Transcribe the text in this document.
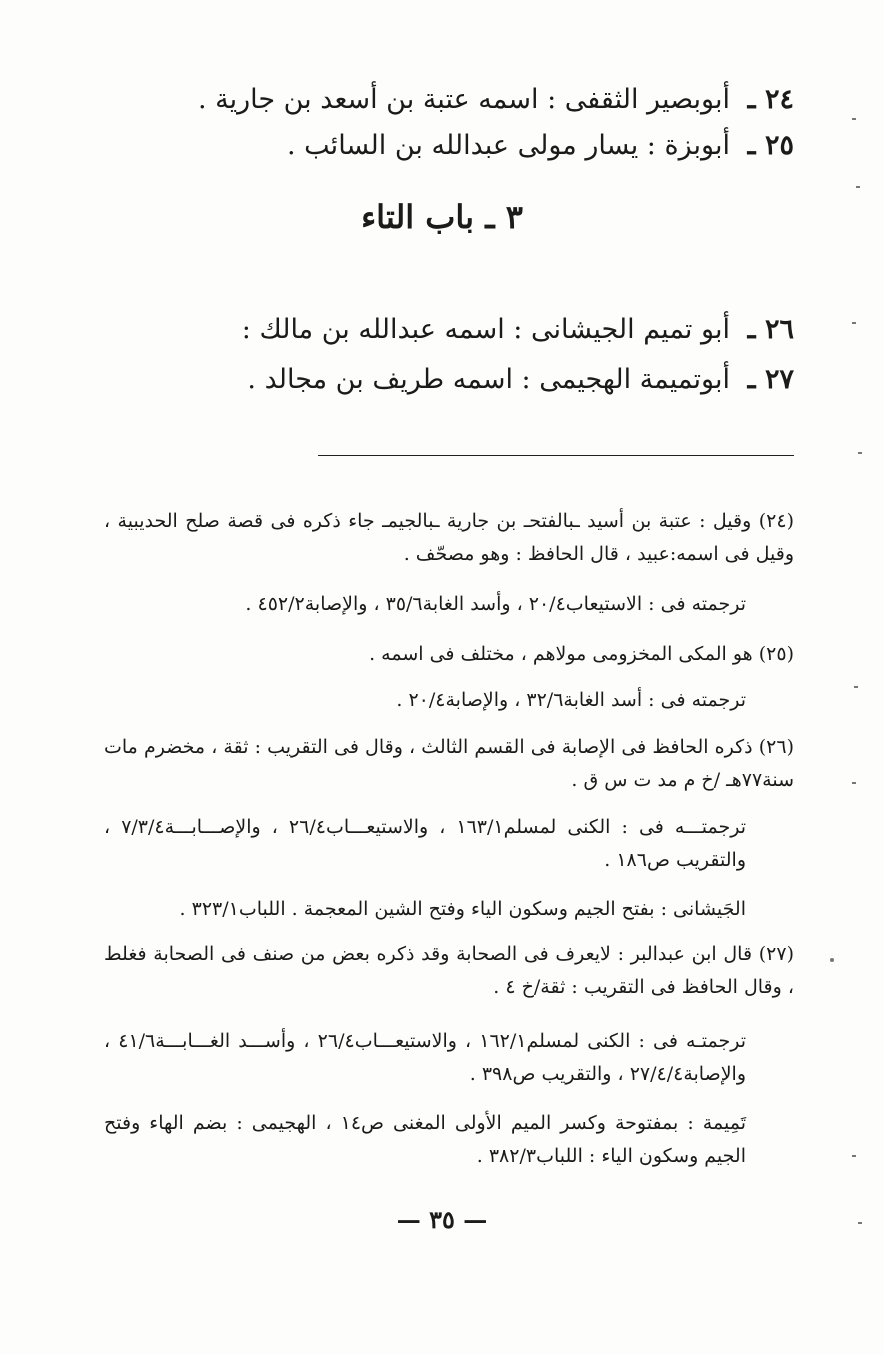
٢٤ ـأبوبصير الثقفى : اسمه عتبة بن أسعد بن جارية .
٢٥ ـأبوبزة : يسار مولى عبدالله بن السائب .
٣ ـ باب التاء
٢٦ ـأبو تميم الجيشانى : اسمه عبدالله بن مالك :
٢٧ ـأبوتميمة الهجيمى : اسمه طريف بن مجالد .
(٢٤) وقيل : عتبة بن أسيد ـبالفتحـ بن جارية ـبالجيمـ جاء ذكره فى قصة صلح الحديبية ، وقيل فى اسمه:عبيد ، قال الحافظ : وهو مصحّف .
ترجمته فى : الاستيعاب٢٠/٤ ، وأسد الغابة٣٥/٦ ، والإصابة٤٥٢/٢ .
(٢٥) هو المكى المخزومى مولاهم ، مختلف فى اسمه .
ترجمته فى : أسد الغابة٣٢/٦ ، والإصابة٢٠/٤ .
(٢٦) ذكره الحافظ فى الإصابة فى القسم الثالث ، وقال فى التقريب : ثقة ، مخضرم مات سنة٧٧هـ /خ م مد ت س ق .
ترجمتـــه فى : الكنى لمسلم١٦٣/١ ، والاستيعـــاب٢٦/٤ ، والإصـــابـــة٧/٣/٤ ، والتقريب ص١٨٦ .
الجَيشانى : بفتح الجيم وسكون الياء وفتح الشين المعجمة . اللباب٣٢٣/١ .
(٢٧) قال ابن عبدالبر : لايعرف فى الصحابة وقد ذكره بعض من صنف فى الصحابة فغلط ، وقال الحافظ فى التقريب : ثقة/خ ٤ .
ترجمتـه فى : الكنى لمسلم١٦٢/١ ، والاستيعـــاب٢٦/٤ ، وأســـد الغـــابـــة٤١/٦ ، والإصابة٢٧/٤/٤ ، والتقريب ص٣٩٨ .
تَمِيمة : بمفتوحة وكسر الميم الأولى المغنى ص١٤ ، الهجيمى : بضم الهاء وفتح الجيم وسكون الياء : اللباب٣٨٢/٣ .
— ٣٥ —
